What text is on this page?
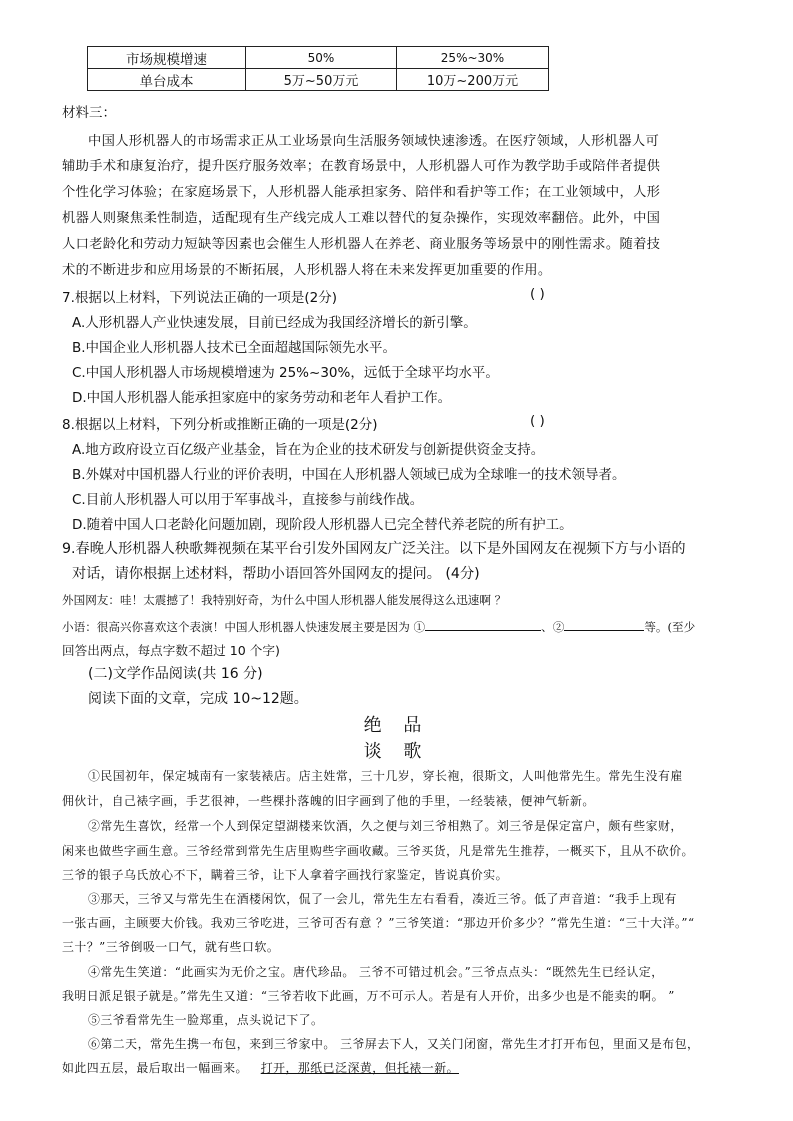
市场规模增速	50%	25%~30%
单台成本	5万~50万元	10万~200万元
材料三：
中国人形机器人的市场需求正从工业场景向生活服务领域快速渗透。在医疗领域，人形机器人可
辅助手术和康复治疗，提升医疗服务效率；在教育场景中，人形机器人可作为教学助手或陪伴者提供
个性化学习体验；在家庭场景下，人形机器人能承担家务、陪伴和看护等工作；在工业领域中，人形
机器人则聚焦柔性制造，适配现有生产线完成人工难以替代的复杂操作，实现效率翻倍。此外，中国
人口老龄化和劳动力短缺等因素也会催生人形机器人在养老、商业服务等场景中的刚性需求。随着技
术的不断进步和应用场景的不断拓展，人形机器人将在未来发挥更加重要的作用。
7.根据以上材料，下列说法正确的一项是(2分)	( )
A.人形机器人产业快速发展，目前已经成为我国经济增长的新引擎。
B.中国企业人形机器人技术已全面超越国际领先水平。
C.中国人形机器人市场规模增速为 25%~30%，远低于全球平均水平。
D.中国人形机器人能承担家庭中的家务劳动和老年人看护工作。
8.根据以上材料，下列分析或推断正确的一项是(2分)	( )
A.地方政府设立百亿级产业基金，旨在为企业的技术研发与创新提供资金支持。
B.外媒对中国机器人行业的评价表明，中国在人形机器人领域已成为全球唯一的技术领导者。
C.目前人形机器人可以用于军事战斗，直接参与前线作战。
D.随着中国人口老龄化问题加剧，现阶段人形机器人已完全替代养老院的所有护工。
9.春晚人形机器人秧歌舞视频在某平台引发外国网友广泛关注。以下是外国网友在视频下方与小语的
对话，请你根据上述材料，帮助小语回答外国网友的提问。 (4分)
外国网友：哇！太震撼了！我特别好奇，为什么中国人形机器人能发展得这么迅速啊 ？
小语：很高兴你喜欢这个表演！中国人形机器人快速发展主要是因为 ①	、②	等。(至少
回答出两点，每点字数不超过 10 个字)
(二)文学作品阅读(共 16 分)
阅读下面的文章，完成 10~12题。
绝 品
谈 歌
①民国初年，保定城南有一家装裱店。店主姓常，三十几岁，穿长袍，很斯文，人叫他常先生。常先生没有雇
佣伙计，自己裱字画，手艺很神，一些棵扑落魄的旧字画到了他的手里，一经装裱，便神气斩新。
②常先生喜饮，经常一个人到保定望湖楼来饮酒，久之便与刘三爷相熟了。刘三爷是保定富户，颇有些家财，
闲来也做些字画生意。三爷经常到常先生店里购些字画收藏。三爷买货，凡是常先生推荐，一概买下，且从不砍价。
三爷的银子乌氏放心不下，瞒着三爷，让下人拿着字画找行家鉴定，皆说真价实。
③那天，三爷又与常先生在酒楼闲饮，侃了一会儿，常先生左右看看，凑近三爷。低了声音道：“我手上现有
一张古画，主顾要大价钱。我劝三爷吃进，三爷可否有意 ？”三爷笑道：“那边开价多少？”常先生道：“三十大洋。”“
三十？”三爷倒吸一口气，就有些口软。
④常先生笑道：“此画实为无价之宝。唐代珍品。 三爷不可错过机会。”三爷点点头：“既然先生已经认定，
我明日派足银子就是。”常先生又道：“三爷若收下此画，万不可示人。若是有人开价，出多少也是不能卖的啊。 ”
⑤三爷看常先生一脸郑重，点头说记下了。
⑥第二天，常先生携一布包，来到三爷家中。 三爷屏去下人，又关门闭窗，常先生才打开布包，里面又是布包，
如此四五层，最后取出一幅画来。 打开，那纸已泛深黄，但托裱一新。
